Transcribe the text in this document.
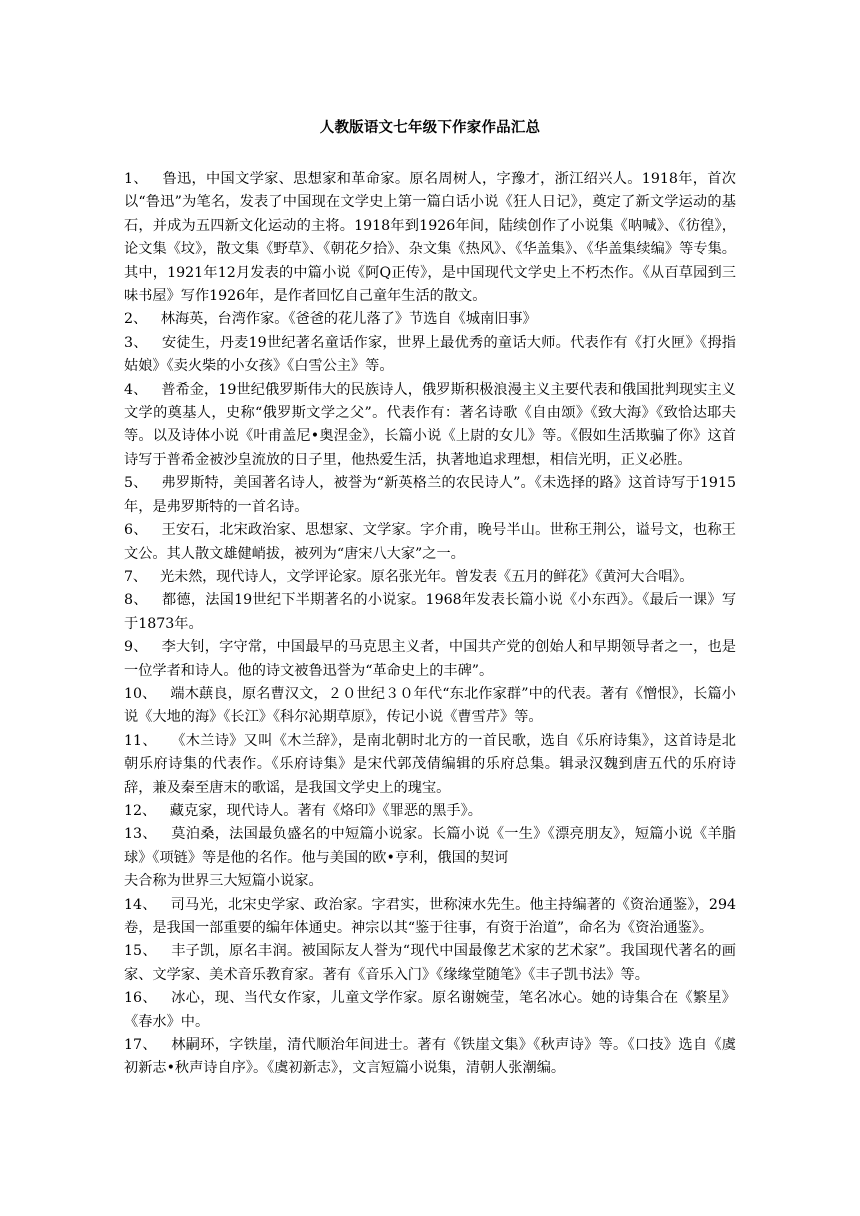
人教版语文七年级下作家作品汇总

1、 鲁迅，中国文学家、思想家和革命家。原名周树人，字豫才，浙江绍兴人。1918年，首次以“鲁迅”为笔名，发表了中国现在文学史上第一篇白话小说《狂人日记》，奠定了新文学运动的基石，并成为五四新文化运动的主将。1918年到1926年间，陆续创作了小说集《呐喊》、《彷徨》，论文集《坟》，散文集《野草》、《朝花夕拾》、杂文集《热风》、《华盖集》、《华盖集续编》等专集。其中，1921年12月发表的中篇小说《阿Q正传》，是中国现代文学史上不朽杰作。《从百草园到三味书屋》写作1926年，是作者回忆自己童年生活的散文。

2、 林海英，台湾作家。《爸爸的花儿落了》节选自《城南旧事》

3、 安徒生，丹麦19世纪著名童话作家，世界上最优秀的童话大师。代表作有《打火匣》《拇指姑娘》《卖火柴的小女孩》《白雪公主》等。

4、 普希金，19世纪俄罗斯伟大的民族诗人，俄罗斯积极浪漫主义主要代表和俄国批判现实主义文学的奠基人，史称“俄罗斯文学之父”。代表作有：著名诗歌《自由颂》《致大海》《致恰达耶夫等。以及诗体小说《叶甫盖尼•奥涅金》，长篇小说《上尉的女儿》等。《假如生活欺骗了你》这首诗写于普希金被沙皇流放的日子里，他热爱生活，执著地追求理想，相信光明，正义必胜。

5、 弗罗斯特，美国著名诗人，被誉为“新英格兰的农民诗人”。《未选择的路》这首诗写于1915年，是弗罗斯特的一首名诗。

6、 王安石，北宋政治家、思想家、文学家。字介甫，晚号半山。世称王荆公，谥号文，也称王文公。其人散文雄健峭拔，被列为“唐宋八大家”之一。

7、 光未然，现代诗人，文学评论家。原名张光年。曾发表《五月的鲜花》《黄河大合唱》。

8、 都德，法国19世纪下半期著名的小说家。1968年发表长篇小说《小东西》。《最后一课》写于1873年。

9、 李大钊，字守常，中国最早的马克思主义者，中国共产党的创始人和早期领导者之一，也是一位学者和诗人。他的诗文被鲁迅誉为“革命史上的丰碑”。

10、 端木蕻良，原名曹汉文，２０世纪３０年代“东北作家群”中的代表。著有《憎恨》，长篇小说《大地的海》《长江》《科尔沁期草原》，传记小说《曹雪芹》等。

11、 《木兰诗》又叫《木兰辞》，是南北朝时北方的一首民歌，选自《乐府诗集》，这首诗是北朝乐府诗集的代表作。《乐府诗集》是宋代郭茂倩编辑的乐府总集。辑录汉魏到唐五代的乐府诗辞，兼及秦至唐末的歌谣，是我国文学史上的瑰宝。

12、 藏克家，现代诗人。著有《烙印》《罪恶的黑手》。

13、 莫泊桑，法国最负盛名的中短篇小说家。长篇小说《一生》《漂亮朋友》，短篇小说《羊脂球》《项链》等是他的名作。他与美国的欧•亨利，俄国的契诃

夫合称为世界三大短篇小说家。

14、 司马光，北宋史学家、政治家。字君实，世称涑水先生。他主持编著的《资治通鉴》，294卷，是我国一部重要的编年体通史。神宗以其“鉴于往事，有资于治道”，命名为《资治通鉴》。

15、 丰子凯，原名丰润。被国际友人誉为“现代中国最像艺术家的艺术家”。我国现代著名的画家、文学家、美术音乐教育家。著有《音乐入门》《缘缘堂随笔》《丰子凯书法》等。

16、 冰心，现、当代女作家，儿童文学作家。原名谢婉莹，笔名冰心。她的诗集合在《繁星》《春水》中。

17、 林嗣环，字铁崖，清代顺治年间进士。著有《铁崖文集》《秋声诗》等。《口技》选自《虞初新志•秋声诗自序》。《虞初新志》，文言短篇小说集，清朝人张潮编。
